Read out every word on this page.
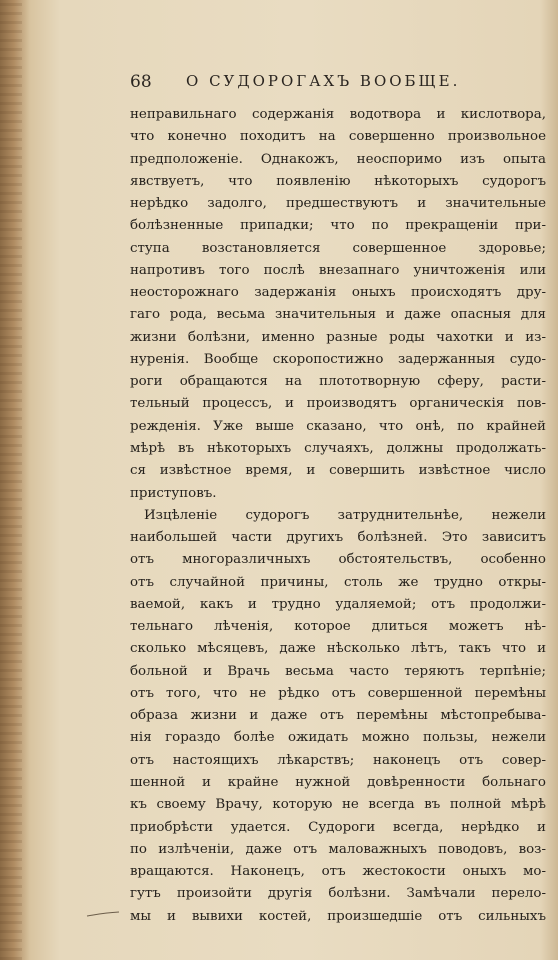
68 О СУДОРОГАХЪ ВООБЩЕ.
неправильнаго содержанія водотвора и кислотвора,
что конечно походитъ на совершенно произвольное
предположеніе. Однакожъ, неоспоримо изъ опыта
явствуетъ, что появленію нѣкоторыхъ судорогъ
нерѣдко задолго, предшествуютъ и значительные
болѣзненные припадки; что по прекращеніи при-
ступа возстановляется совершенное здоровье;
напротивъ того послѣ внезапнаго уничтоженія или
неосторожнаго задержанія оныхъ происходятъ дру-
гаго рода, весьма значительныя и даже опасныя для
жизни болѣзни, именно разные роды чахотки и из-
нуренія. Вообще скоропостижно задержанныя судо-
роги обращаются на плототворную сферу, расти-
тельный процессъ, и производятъ органическія пов-
режденія. Уже выше сказано, что онѣ, по крайней
мѣрѣ въ нѣкоторыхъ случаяхъ, должны продолжать-
ся извѣстное время, и совершить извѣстное число
приступовъ.
Изцѣленіе судорогъ затруднительнѣе, нежели
наибольшей части другихъ болѣзней. Это зависитъ
отъ многоразличныхъ обстоятельствъ, особенно
отъ случайной причины, столь же трудно откры-
ваемой, какъ и трудно удаляемой; отъ продолжи-
тельнаго лѣченія, которое длиться можетъ нѣ-
сколько мѣсяцевъ, даже нѣсколько лѣтъ, такъ что и
больной и Врачь весьма часто теряютъ терпѣніе;
отъ того, что не рѣдко отъ совершенной перемѣны
образа жизни и даже отъ перемѣны мѣстопребыва-
нія гораздо болѣе ожидать можно пользы, нежели
отъ настоящихъ лѣкарствъ; наконецъ отъ совер-
шенной и крайне нужной довѣренности больнаго
къ своему Врачу, которую не всегда въ полной мѣрѣ
приобрѣсти удается. Судороги всегда, нерѣдко и
по излѣченіи, даже отъ маловажныхъ поводовъ, воз-
вращаются. Наконецъ, отъ жестокости оныхъ мо-
гутъ произойти другія болѣзни. Замѣчали перело-
мы и вывихи костей, произшедшіе отъ сильныхъ
